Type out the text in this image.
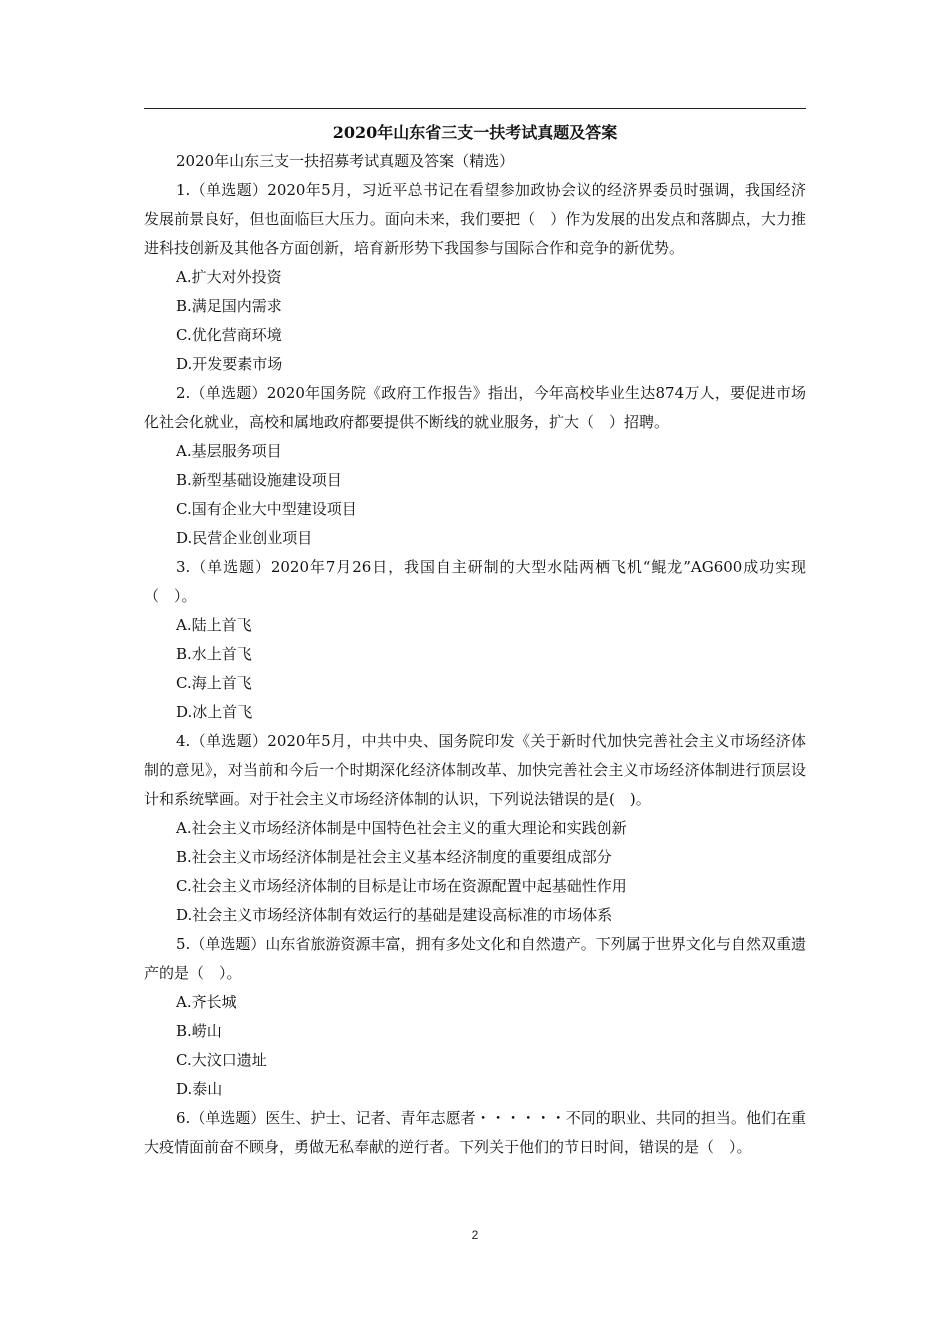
2020年山东省三支一扶考试真题及答案

2020年山东三支一扶招募考试真题及答案（精选）

1.（单选题）2020年5月，习近平总书记在看望参加政协会议的经济界委员时强调，我国经济发展前景良好，但也面临巨大压力。面向未来，我们要把（　）作为发展的出发点和落脚点，大力推进科技创新及其他各方面创新，培育新形势下我国参与国际合作和竞争的新优势。

A.扩大对外投资

B.满足国内需求

C.优化营商环境

D.开发要素市场

2.（单选题）2020年国务院《政府工作报告》指出，今年高校毕业生达874万人，要促进市场化社会化就业，高校和属地政府都要提供不断线的就业服务，扩大（　）招聘。

A.基层服务项目

B.新型基础设施建设项目

C.国有企业大中型建设项目

D.民营企业创业项目

3.（单选题）2020年7月26日，我国自主研制的大型水陆两栖飞机“鲲龙”AG600成功实现（　）。

A.陆上首飞

B.水上首飞

C.海上首飞

D.冰上首飞

4.（单选题）2020年5月，中共中央、国务院印发《关于新时代加快完善社会主义市场经济体制的意见》，对当前和今后一个时期深化经济体制改革、加快完善社会主义市场经济体制进行顶层设计和系统擘画。对于社会主义市场经济体制的认识，下列说法错误的是(　)。

A.社会主义市场经济体制是中国特色社会主义的重大理论和实践创新

B.社会主义市场经济体制是社会主义基本经济制度的重要组成部分

C.社会主义市场经济体制的目标是让市场在资源配置中起基础性作用

D.社会主义市场经济体制有效运行的基础是建设高标准的市场体系

5.（单选题）山东省旅游资源丰富，拥有多处文化和自然遗产。下列属于世界文化与自然双重遗产的是（　）。

A.齐长城

B.崂山

C.大汶口遗址

D.泰山

6.（单选题）医生、护士、记者、青年志愿者・・・・・・不同的职业、共同的担当。他们在重大疫情面前奋不顾身，勇做无私奉献的逆行者。下列关于他们的节日时间，错误的是（　）。

2
